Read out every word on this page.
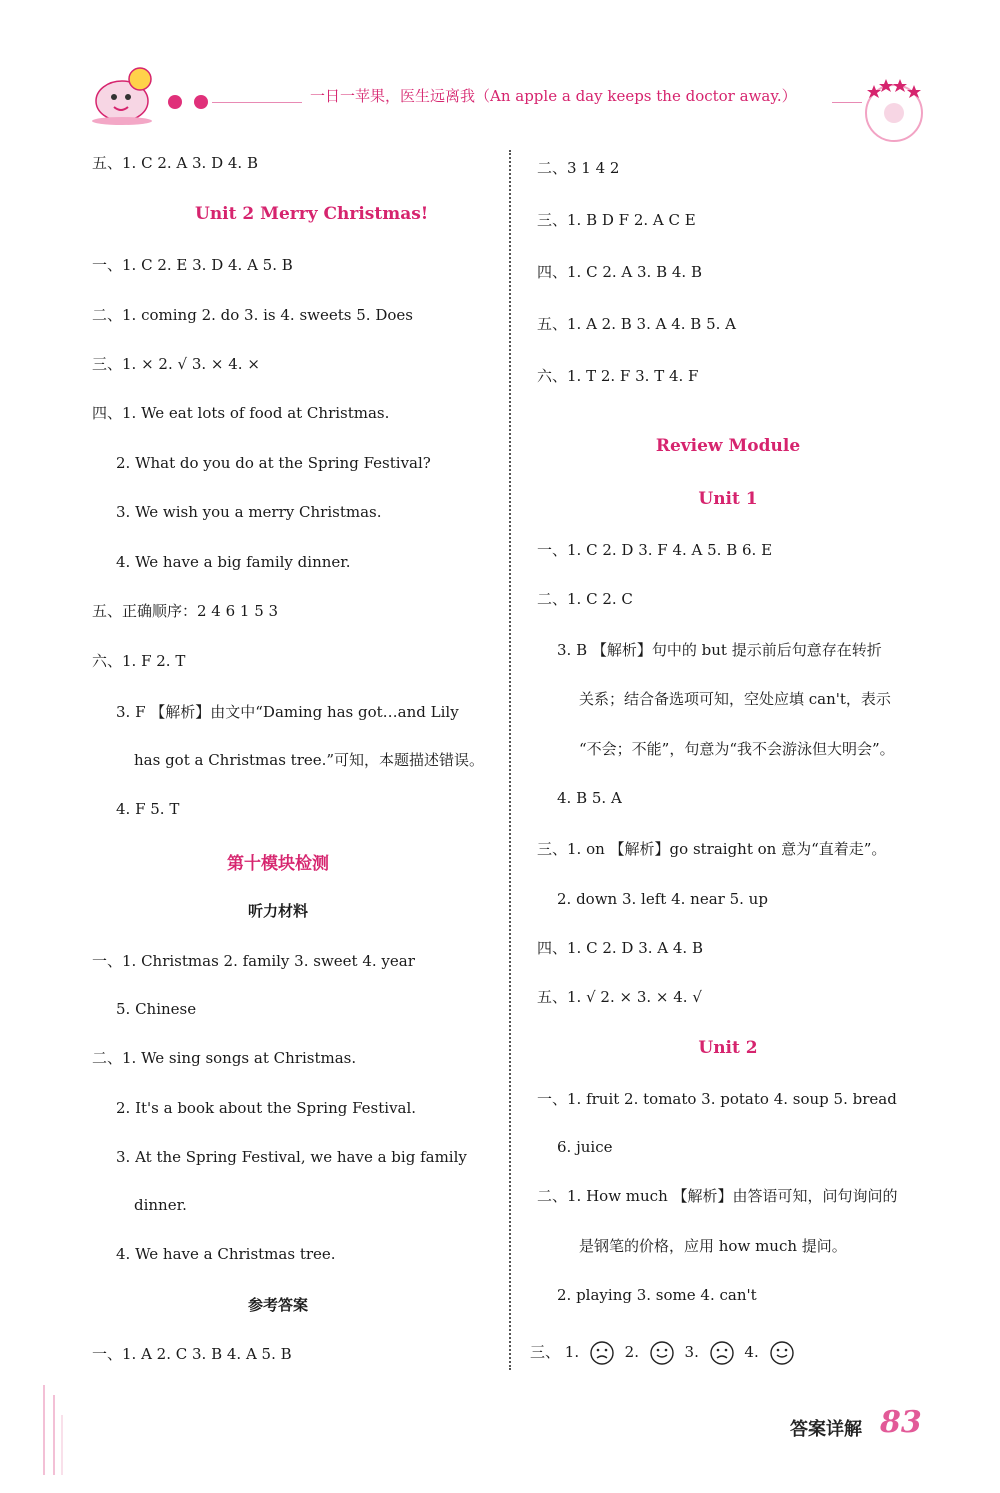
一日一苹果，医生远离我（An apple a day keeps the doctor away.）
五、1. C 2. A 3. D 4. B
Unit 2 Merry Christmas!
一、1. C 2. E 3. D 4. A 5. B
二、1. coming 2. do 3. is 4. sweets 5. Does
三、1. × 2. √ 3. × 4. ×
四、1. We eat lots of food at Christmas.
2. What do you do at the Spring Festival?
3. We wish you a merry Christmas.
4. We have a big family dinner.
五、正确顺序：2 4 6 1 5 3
六、1. F 2. T
3. F 【解析】由文中“Daming has got…and Lily
has got a Christmas tree.”可知，本题描述错误。
4. F 5. T
第十模块检测
听力材料
一、1. Christmas 2. family 3. sweet 4. year
5. Chinese
二、1. We sing songs at Christmas.
2. It's a book about the Spring Festival.
3. At the Spring Festival, we have a big family
dinner.
4. We have a Christmas tree.
参考答案
一、1. A 2. C 3. B 4. A 5. B
二、3 1 4 2
三、1. B D F 2. A C E
四、1. C 2. A 3. B 4. B
五、1. A 2. B 3. A 4. B 5. A
六、1. T 2. F 3. T 4. F
Review Module
Unit 1
一、1. C 2. D 3. F 4. A 5. B 6. E
二、1. C 2. C
3. B 【解析】句中的 but 提示前后句意存在转折
关系；结合备选项可知，空处应填 can't，表示
“不会；不能”，句意为“我不会游泳但大明会”。
4. B 5. A
三、1. on 【解析】go straight on 意为“直着走”。
2. down 3. left 4. near 5. up
四、1. C 2. D 3. A 4. B
五、1. √ 2. × 3. × 4. √
Unit 2
一、1. fruit 2. tomato 3. potato 4. soup 5. bread
6. juice
二、1. How much 【解析】由答语可知，问句询问的
是钢笔的价格，应用 how much 提问。
2. playing 3. some 4. can't
三、 1.	2.	3.	4.
答案详解 83
